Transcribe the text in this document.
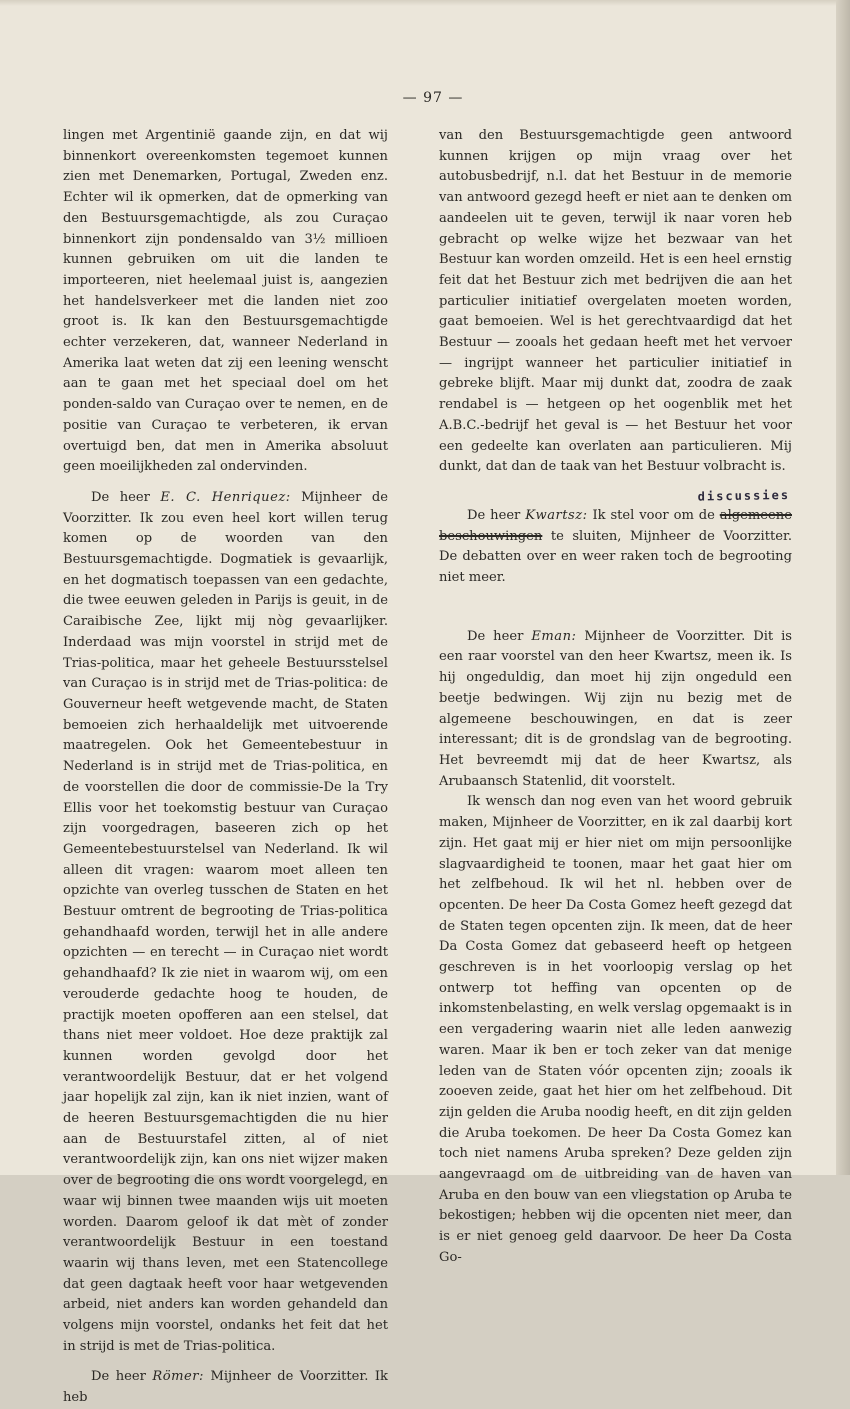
— 97 —

lingen met Argentinië gaande zijn, en dat wij binnenkort overeenkomsten tegemoet kunnen zien met Denemarken, Portugal, Zweden enz. Echter wil ik opmerken, dat de opmerking van den Bestuursgemachtigde, als zou Curaçao binnenkort zijn pondensaldo van 3½ millioen kunnen gebruiken om uit die landen te importeeren, niet heelemaal juist is, aangezien het handelsverkeer met die landen niet zoo groot is. Ik kan den Bestuursgemachtigde echter verzekeren, dat, wanneer Nederland in Amerika laat weten dat zij een leening wenscht aan te gaan met het speciaal doel om het ponden-saldo van Curaçao over te nemen, en de positie van Curaçao te verbeteren, ik ervan overtuigd ben, dat men in Amerika absoluut geen moeilijkheden zal ondervinden.

De heer E. C. Henriquez: Mijnheer de Voorzitter. Ik zou even heel kort willen terug komen op de woorden van den Bestuursgemachtigde. Dogmatiek is gevaarlijk, en het dogmatisch toepassen van een gedachte, die twee eeuwen geleden in Parijs is geuit, in de Caraibische Zee, lijkt mij nòg gevaarlijker. Inderdaad was mijn voorstel in strijd met de Trias-politica, maar het geheele Bestuursstelsel van Curaçao is in strijd met de Trias-politica: de Gouverneur heeft wetgevende macht, de Staten bemoeien zich herhaaldelijk met uitvoerende maatregelen. Ook het Gemeentebestuur in Nederland is in strijd met de Trias-politica, en de voorstellen die door de commissie-De la Try Ellis voor het toekomstig bestuur van Curaçao zijn voorgedragen, baseeren zich op het Gemeentebestuurstelsel van Nederland. Ik wil alleen dit vragen: waarom moet alleen ten opzichte van overleg tusschen de Staten en het Bestuur omtrent de begrooting de Trias-politica gehandhaafd worden, terwijl het in alle andere opzichten — en terecht — in Curaçao niet wordt gehandhaafd? Ik zie niet in waarom wij, om een verouderde gedachte hoog te houden, de practijk moeten opofferen aan een stelsel, dat thans niet meer voldoet. Hoe deze praktijk zal kunnen worden gevolgd door het verantwoordelijk Bestuur, dat er het volgend jaar hopelijk zal zijn, kan ik niet inzien, want of de heeren Bestuursgemachtigden die nu hier aan de Bestuurstafel zitten, al of niet verantwoordelijk zijn, kan ons niet wijzer maken over de begrooting die ons wordt voorgelegd, en waar wij binnen twee maanden wijs uit moeten worden. Daarom geloof ik dat mèt of zonder verantwoordelijk Bestuur in een toestand waarin wij thans leven, met een Statencollege dat geen dagtaak heeft voor haar wetgevenden arbeid, niet anders kan worden gehandeld dan volgens mijn voorstel, ondanks het feit dat het in strijd is met de Trias-politica.

De heer Römer: Mijnheer de Voorzitter. Ik heb

van den Bestuursgemachtigde geen antwoord kunnen krijgen op mijn vraag over het autobusbedrijf, n.l. dat het Bestuur in de memorie van antwoord gezegd heeft er niet aan te denken om aandeelen uit te geven, terwijl ik naar voren heb gebracht op welke wijze het bezwaar van het Bestuur kan worden omzeild. Het is een heel ernstig feit dat het Bestuur zich met bedrijven die aan het particulier initiatief overgelaten moeten worden, gaat bemoeien. Wel is het gerechtvaardigd dat het Bestuur — zooals het gedaan heeft met het vervoer — ingrijpt wanneer het particulier initiatief in gebreke blijft. Maar mij dunkt dat, zoodra de zaak rendabel is — hetgeen op het oogenblik met het A.B.C.-bedrijf het geval is — het Bestuur het voor een gedeelte kan overlaten aan particulieren. Mij dunkt, dat dan de taak van het Bestuur volbracht is.

discussies

De heer Kwartsz: Ik stel voor om de algemeene beschouwingen te sluiten, Mijnheer de Voorzitter. De debatten over en weer raken toch de begrooting niet meer.

De heer Eman: Mijnheer de Voorzitter. Dit is een raar voorstel van den heer Kwartsz, meen ik. Is hij ongeduldig, dan moet hij zijn ongeduld een beetje bedwingen. Wij zijn nu bezig met de algemeene beschouwingen, en dat is zeer interessant; dit is de grondslag van de begrooting. Het bevreemdt mij dat de heer Kwartsz, als Arubaansch Statenlid, dit voorstelt.

Ik wensch dan nog even van het woord gebruik maken, Mijnheer de Voorzitter, en ik zal daarbij kort zijn. Het gaat mij er hier niet om mijn persoonlijke slagvaardigheid te toonen, maar het gaat hier om het zelfbehoud. Ik wil het nl. hebben over de opcenten. De heer Da Costa Gomez heeft gezegd dat de Staten tegen opcenten zijn. Ik meen, dat de heer Da Costa Gomez dat gebaseerd heeft op hetgeen geschreven is in het voorloopig verslag op het ontwerp tot heffing van opcenten op de inkomstenbelasting, en welk verslag opgemaakt is in een vergadering waarin niet alle leden aanwezig waren. Maar ik ben er toch zeker van dat menige leden van de Staten vóór opcenten zijn; zooals ik zooeven zeide, gaat het hier om het zelfbehoud. Dit zijn gelden die Aruba noodig heeft, en dit zijn gelden die Aruba toekomen. De heer Da Costa Gomez kan toch niet namens Aruba spreken? Deze gelden zijn aangevraagd om de uitbreiding van de haven van Aruba en den bouw van een vliegstation op Aruba te bekostigen; hebben wij die opcenten niet meer, dan is er niet genoeg geld daarvoor. De heer Da Costa Go-
